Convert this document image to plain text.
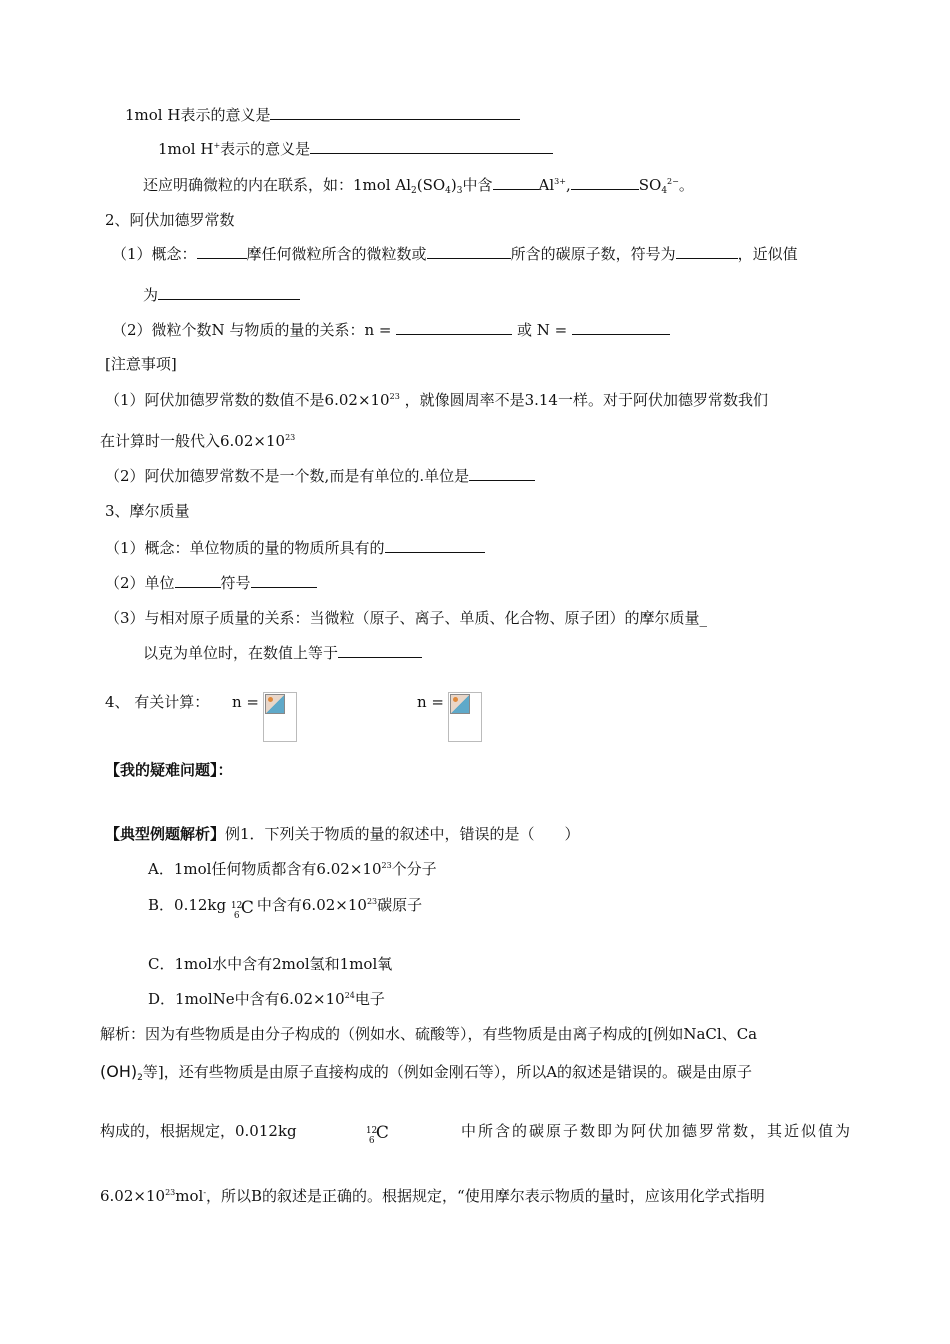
1mol H表示的意义是
1mol H+表示的意义是
还应明确微粒的内在联系，如：1mol $Al_2(SO_4)_3$中含	$Al^{3+}$,	$SO_4^{2-}$。
2、阿伏加德罗常数
（1）概念：	摩任何微粒所含的微粒数或	所含的碳原子数，符号为	，近似值
为
（2）微粒个数N 与物质的量的关系：n =	或 N =
[注意事项]
（1）阿伏加德罗常数的数值不是$6.02\times 10^{23}$ ，就像圆周率不是3.14一样。对于阿伏加德罗常数我们
在计算时一般代入$6.02\times 10^{23}$
（2）阿伏加德罗常数不是一个数,而是有单位的.单位是
3、摩尔质量
（1）概念：单位物质的量的物质所具有的
（2）单位	符号
（3）与相对原子质量的关系：当微粒（原子、离子、单质、化合物、原子团）的摩尔质量_
以克为单位时，在数值上等于
4、 有关计算： n =	n =
【我的疑难问题】：
【典型例题解析】例1．下列关于物质的量的叙述中，错误的是（　　）
A．1mol任何物质都含有$6.02\times 10^{23}$个分子
B．0.12kg 12
6 C 中含有$6.02\times 10^{23}$碳原子
C．1mol水中含有2mol氢和1mol氧
D．1molNe中含有$6.02\times 10^{24}$电子
解析：因为有些物质是由分子构成的（例如水、硫酸等），有些物质是由离子构成的[例如NaCl、Ca
$(OH)_2$等]，还有些物质是由原子直接构成的（例如金刚石等），所以A的叙述是错误的。碳是由原子
构成的，根据规定，0.012kg	12
6 C	中所含的碳原子数即为阿伏加德罗常数，其近似值为
$6.02\times 10^{23}mol^-$，所以B的叙述是正确的。根据规定，“使用摩尔表示物质的量时，应该用化学式指明
